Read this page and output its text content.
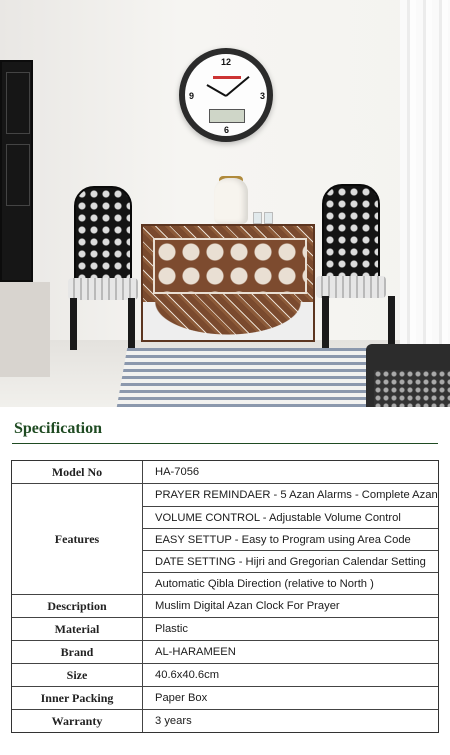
12
3
6
9
Specification
Model No	HA-7056
Features
PRAYER REMINDAER - 5 Azan Alarms - Complete Azan
VOLUME CONTROL - Adjustable Volume Control
EASY SETTUP - Easy to Program using Area Code
DATE SETTING - Hijri and Gregorian Calendar Setting
Automatic Qibla Direction (relative to North )
Description	Muslim Digital Azan Clock For Prayer
Material	Plastic
Brand	AL-HARAMEEN
Size	40.6x40.6cm
Inner Packing	Paper Box
Warranty	3 years
